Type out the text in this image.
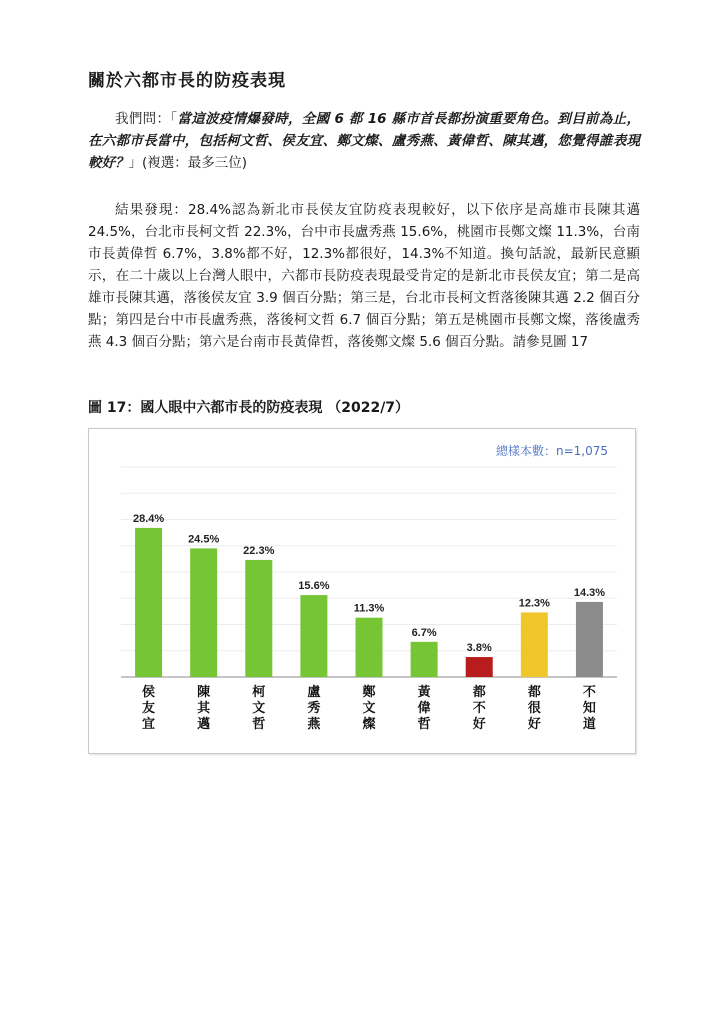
關於六都市長的防疫表現
我們問：「當這波疫情爆發時，全國 6 都 16 縣市首長都扮演重要角色。到目前為止，在六都市長當中，包括柯文哲、侯友宜、鄭文燦、盧秀燕、黃偉哲、陳其邁，您覺得誰表現較好？」(複選：最多三位)
結果發現：28.4%認為新北市長侯友宜防疫表現較好，以下依序是高雄市長陳其邁 24.5%，台北市長柯文哲 22.3%，台中市長盧秀燕 15.6%，桃園市長鄭文燦 11.3%，台南市長黃偉哲 6.7%，3.8%都不好，12.3%都很好，14.3%不知道。換句話說，最新民意顯示，在二十歲以上台灣人眼中，六都市長防疫表現最受肯定的是新北市長侯友宜；第二是高雄市長陳其邁，落後侯友宜 3.9 個百分點；第三是，台北市長柯文哲落後陳其邁 2.2 個百分點；第四是台中市長盧秀燕，落後柯文哲 6.7 個百分點；第五是桃園市長鄭文燦，落後盧秀燕 4.3 個百分點；第六是台南市長黃偉哲，落後鄭文燦 5.6 個百分點。請參見圖 17
圖 17：國人眼中六都市長的防疫表現 （2022/7）
總樣本數：n=1,075
28.4%
侯
友
宜
24.5%
陳
其
邁
22.3%
柯
文
哲
15.6%
盧
秀
燕
11.3%
鄭
文
燦
6.7%
黃
偉
哲
3.8%
都
不
好
12.3%
都
很
好
14.3%
不
知
道
